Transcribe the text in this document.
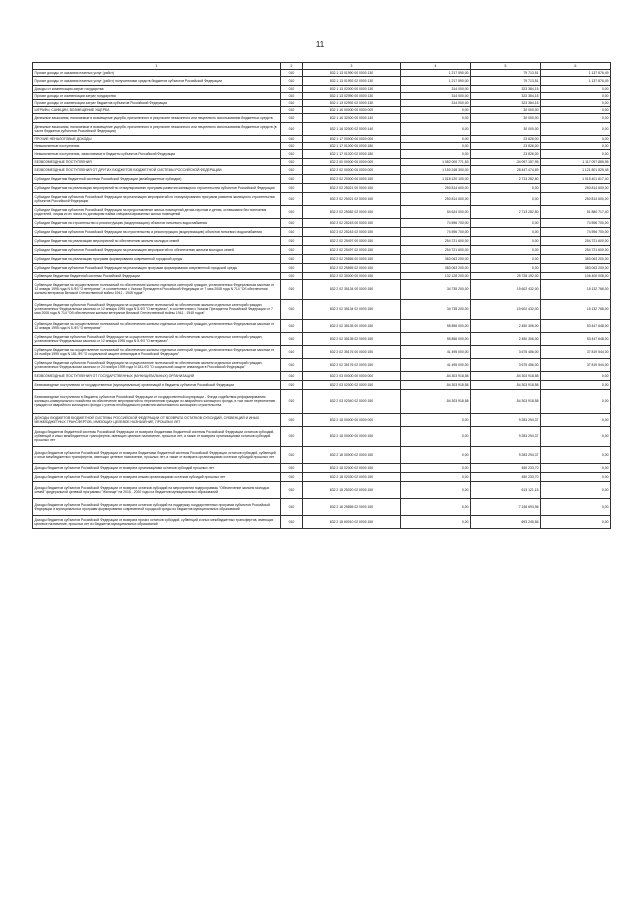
11
1	2	3	4	5	6
Прочие доходы от оказания платных услуг (работ)	010	832 1 13 01990 00 0000 130	1 217 590,00	79 713,51	1 137 876,49
Прочие доходы от оказания платных услуг (работ) получателями средств бюджетов субъектов Российской Федерации	010	832 1 13 01992 02 0000 130	1 217 590,00	79 713,51	1 137 876,49
Доходы от компенсации затрат государства	010	832 1 13 02000 00 0000 130	314 000,00	323 384,15	0,00
Прочие доходы от компенсации затрат государства	010	832 1 13 02990 00 0000 130	314 000,00	323 384,15	0,00
Прочие доходы от компенсации затрат бюджетов субъектов Российской Федерации	010	832 1 13 02992 02 0000 130	314 000,00	323 384,15	0,00
ШТРАФЫ, САНКЦИИ, ВОЗМЕЩЕНИЕ УЩЕРБА	010	832 1 16 00000 00 0000 000	0,00	30 000,00	0,00
Денежные взыскания, налагаемые в возмещение ущерба, причиненного в результате незаконного или нецелевого использования бюджетных средств	010	832 1 16 32000 00 0000 140	0,00	30 000,00	0,00
Денежные взыскания, налагаемые в возмещение ущерба, причиненного в результате незаконного или нецелевого использования бюджетных средств (в части бюджетов субъектов Российской Федерации)	010	832 1 16 32000 02 0000 140	0,00	30 000,00	0,00
ПРОЧИЕ НЕНАЛОГОВЫЕ ДОХОДЫ	010	832 1 17 00000 00 0000 000	0,00	23 826,00	0,00
Невыясненные поступления	010	832 1 17 01000 00 0000 180	0,00	23 826,00	0,00
Невыясненные поступления, зачисляемые в бюджеты субъектов Российской Федерации	010	832 1 17 01020 02 0000 180	0,00	23 826,00	0,00
БЕЗВОЗМЕЗДНЫЕ ПОСТУПЛЕНИЯ	010	832 2 00 00000 00 0000 000	1 082 000 771,53	-34 097 157,95	1 117 097 885,95
БЕЗВОЗМЕЗДНЫЕ ПОСТУПЛЕНИЯ ОТ ДРУГИХ БЮДЖЕТОВ БЮДЖЕТНОЙ СИСТЕМЫ РОССИЙСКОЙ ФЕДЕРАЦИИ	010	832 2 02 00000 00 0000 000	1 150 248 300,00	28 447 474,69	1 121 801 825,45
Субсидии бюджетам бюджетной системы Российской Федерации (межбюджетные субсидии)	010	832 2 02 20000 00 0000 150	1 018 120 100,00	2 713 282,80	1 015 401 817,40
Субсидии бюджетам на реализацию мероприятий по стимулированию программ развития жилищного строительства субъектов Российской Федерации	010	832 2 02 25021 00 0000 150	250 814 600,00	0,00	250 814 600,00
Субсидии бюджетам субъектов Российской Федерации на реализацию мероприятий по стимулированию программ развития жилищного строительства субъектов Российской Федерации	010	832 2 02 25021 02 0000 150	250 814 600,00	0,00	250 814 600,00
Субсидии бюджетам субъектов Российской Федерации на предоставление жилых помещений детям-сиротам и детям, оставшимся без попечения родителей, лицам из их числа по договорам найма специализированных жилых помещений	010	832 2 02 25082 02 0000 150	54 624 000,00	2 713 282,80	51 880 717,40
Субсидии бюджетам на строительство и реконструкцию (модернизацию) объектов питьевого водоснабжения	010	832 2 02 25243 00 0000 150	74 596 700,00	0,00	74 596 700,00
Субсидии бюджетам субъектов Российской Федерации на строительство и реконструкцию (модернизацию) объектов питьевого водоснабжения	010	832 2 02 25243 02 0000 150	74 596 700,00	0,00	74 596 700,00
Субсидии бюджетам на реализацию мероприятий по обеспечению жильем молодых семей	010	832 2 02 25497 00 0000 150	254 721 600,00	0,00	254 721 600,00
Субсидии бюджетам субъектов Российской Федерации на реализацию мероприятий по обеспечению жильем молодых семей	010	832 2 02 25497 02 0000 150	254 721 600,00	0,00	254 721 600,00
Субсидии бюджетам на реализацию программ формирования современной городской среды	010	832 2 02 25555 00 0000 150	383 063 200,00	0,00	383 063 200,00
Субсидии бюджетам субъектов Российской Федерации на реализацию программ формирования современной городской среды	010	832 2 02 25555 02 0000 150	383 063 200,00	0,00	383 063 200,00
Субвенции бюджетам бюджетной системы Российской Федерации	010	832 2 02 30000 00 0000 150	132 128 200,00	25 728 192,00	106 400 008,00
Субвенции бюджетам на осуществление полномочий по обеспечению жильем отдельных категорий граждан, установленных Федеральным законом от 12 января 1995 года N 5-ФЗ "О ветеранах", в соответствии с Указом Президента Российской Федерации от 7 мая 2008 года N 714 "Об обеспечении жильем ветеранов Великой Отечественной войны 1941 - 1945 годов"	010	832 2 02 35134 00 0000 150	34 735 200,00	19 602 432,00	15 132 768,00
Субвенции бюджетам субъектов Российской Федерации на осуществление полномочий по обеспечению жильем отдельных категорий граждан, установленных Федеральным законом от 12 января 1995 года N 5-ФЗ "О ветеранах", в соответствии с Указом Президента Российской Федерации от 7 мая 2008 года N 714 "Об обеспечении жильем ветеранов Великой Отечественной войны 1941 - 1945 годов"	010	832 2 02 35134 02 0000 150	34 735 200,00	19 602 432,00	15 132 768,00
Субвенции бюджетам на осуществление полномочий по обеспечению жильем отдельных категорий граждан, установленных Федеральным законом от 12 января 1995 года N 5-ФЗ "О ветеранах"	010	832 2 02 35135 00 0000 150	55 856 000,00	2 450 306,00	53 447 648,00
Субвенции бюджетам субъектов Российской Федерации на осуществление полномочий по обеспечению жильем отдельных категорий граждан, установленных Федеральным законом от 12 января 1995 года N 5-ФЗ "О ветеранах"	010	832 2 02 35135 02 0000 150	55 856 000,00	2 450 306,00	53 447 648,00
Субвенции бюджетам на осуществление полномочий по обеспечению жильем отдельных категорий граждан, установленных Федеральным законом от 24 ноября 1995 года N 181-ФЗ "О социальной защите инвалидов в Российской Федерации"	010	832 2 02 35176 00 0000 150	41 495 000,00	3 675 456,00	37 819 544,00
Субвенции бюджетам субъектов Российской Федерации на осуществление полномочий по обеспечению жильем отдельных категорий граждан, установленных Федеральным законом от 24 ноября 1995 года N 181-ФЗ "О социальной защите инвалидов в Российской Федерации"	010	832 2 02 35176 02 0000 150	41 495 000,00	3 675 456,00	37 819 544,00
БЕЗВОЗМЕЗДНЫЕ ПОСТУПЛЕНИЯ ОТ ГОСУДАРСТВЕННЫХ (МУНИЦИПАЛЬНЫХ) ОРГАНИЗАЦИЙ	010	832 2 03 00000 00 0000 000	-54 303 918,58	-54 303 918,58	0,00
Безвозмездные поступления от государственных (муниципальных) организаций в бюджеты субъектов Российской Федерации	010	832 2 03 02000 02 0000 150	-54 303 918,58	-54 303 918,58	0,00
Безвозмездные поступления в бюджеты субъектов Российской Федерации от государственной корпорации - Фонда содействия реформированию жилищно-коммунального хозяйства на обеспечение мероприятий по переселению граждан из аварийного жилищного фонда, в том числе переселению граждан из аварийного жилищного фонда с учетом необходимости развития малоэтажного жилищного строительства	010	832 2 03 02040 02 0000 150	-54 303 918,58	-54 303 918,58	0,00
ДОХОДЫ БЮДЖЕТОВ БЮДЖЕТНОЙ СИСТЕМЫ РОССИЙСКОЙ ФЕДЕРАЦИИ ОТ ВОЗВРАТА ОСТАТКОВ СУБСИДИЙ, СУБВЕНЦИЙ И ИНЫХ МЕЖБЮДЖЕТНЫХ ТРАНСФЕРТОВ, ИМЕЮЩИХ ЦЕЛЕВОЕ НАЗНАЧЕНИЕ, ПРОШЛЫХ ЛЕТ	010	832 2 18 00000 00 0000 000	0,00	9 283 294,37	0,00
Доходы бюджетов бюджетной системы Российской Федерации от возврата бюджетами бюджетной системы Российской Федерации остатков субсидий, субвенций и иных межбюджетных трансфертов, имеющих целевое назначение, прошлых лет, а также от возврата организациями остатков субсидий прошлых лет	010	832 2 18 00000 00 0000 150	0,00	9 283 294,37	0,00
Доходы бюджетов субъектов Российской Федерации от возврата бюджетами бюджетной системы Российской Федерации остатков субсидий, субвенций и иных межбюджетных трансфертов, имеющих целевое назначение, прошлых лет, а также от возврата организациями остатков субсидий прошлых лет	010	832 2 18 00000 02 0000 150	0,00	9 283 294,37	0,00
Доходы бюджетов субъектов Российской Федерации от возврата организациями остатков субсидий прошлых лет	010	832 2 18 02000 02 0000 150	0,00	450 233,70	0,00
Доходы бюджетов субъектов Российской Федерации от возврата иными организациями остатков субсидий прошлых лет	010	832 2 18 02030 02 0000 150	0,00	450 233,70	0,00
Доходы бюджетов субъектов Российской Федерации от возврата остатков субсидий на мероприятия подпрограммы "Обеспечение жильем молодых семей" федеральной целевой программы "Жилище" на 2015 - 2020 годы из бюджетов муниципальных образований	010	832 2 18 25020 02 0000 150	0,00	613 121,15	0,00
Доходы бюджетов субъектов Российской Федерации от возврата остатков субсидий на поддержку государственных программ субъектов Российской Федерации и муниципальных программ формирования современной городской среды из бюджетов муниципальных образований	010	832 2 18 25555 02 0000 150	0,00	7 246 693,96	0,00
Доходы бюджетов субъектов Российской Федерации от возврата прочих остатков субсидий, субвенций и иных межбюджетных трансфертов, имеющих целевое назначение, прошлых лет из бюджетов муниципальных образований	010	832 2 18 60010 02 0000 150	0,00	693 245,56	0,00
